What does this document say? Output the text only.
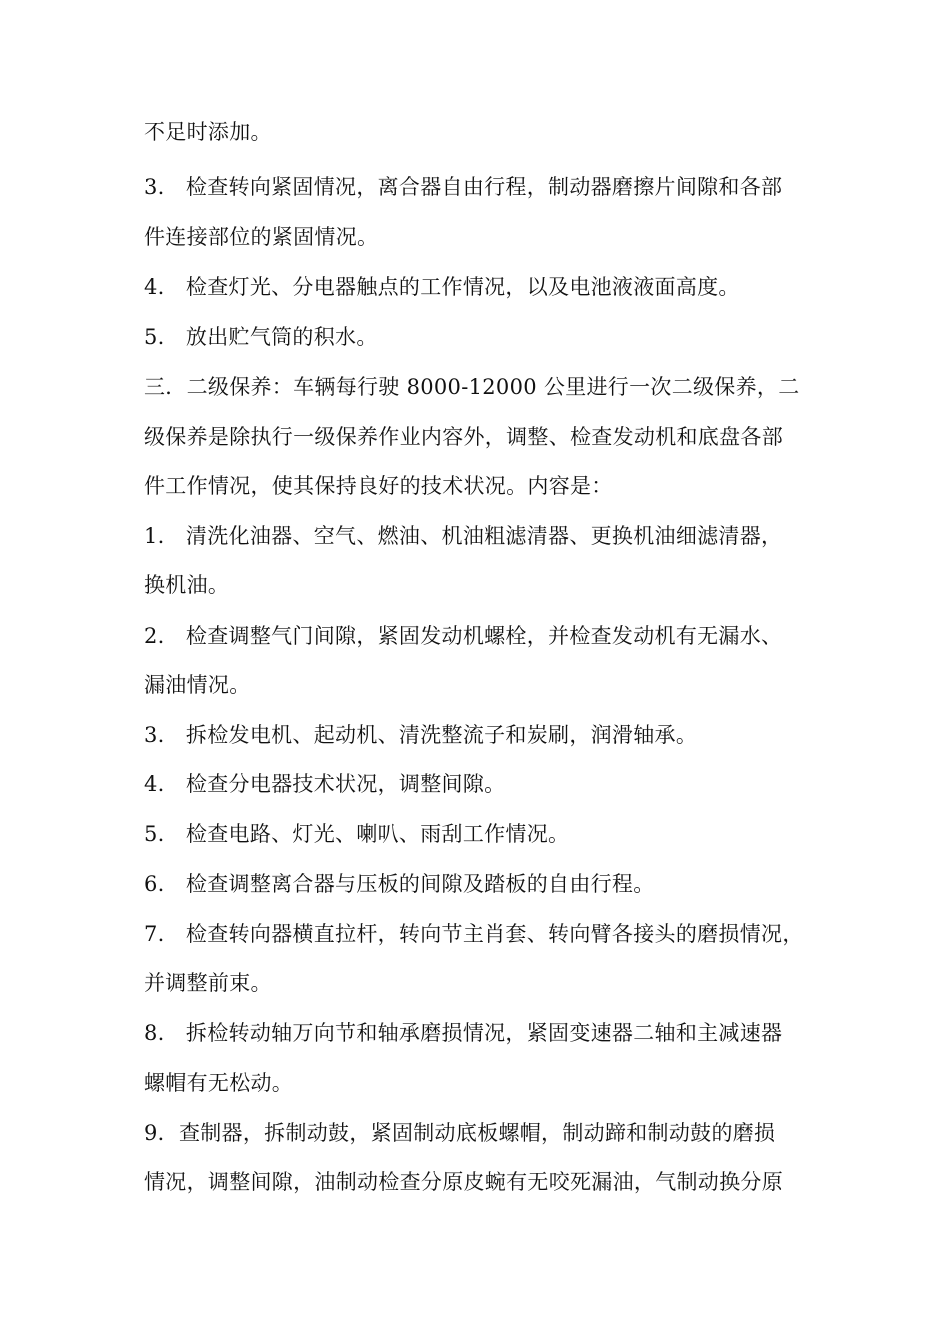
不足时添加。
3.　检查转向紧固情况，离合器自由行程，制动器磨擦片间隙和各部
件连接部位的紧固情况。
4.　检查灯光、分电器触点的工作情况，以及电池液液面高度。
5.　放出贮气筒的积水。
三．二级保养：车辆每行驶 8000-12000 公里进行一次二级保养，二
级保养是除执行一级保养作业内容外，调整、检查发动机和底盘各部
件工作情况，使其保持良好的技术状况。内容是：
1.　清洗化油器、空气、燃油、机油粗滤清器、更换机油细滤清器，
换机油。
2.　检查调整气门间隙，紧固发动机螺栓，并检查发动机有无漏水、
漏油情况。
3.　拆检发电机、起动机、清洗整流子和炭刷，润滑轴承。
4.　检查分电器技术状况，调整间隙。
5.　检查电路、灯光、喇叭、雨刮工作情况。
6.　检查调整离合器与压板的间隙及踏板的自由行程。
7.　检查转向器横直拉杆，转向节主肖套、转向臂各接头的磨损情况，
并调整前束。
8.　拆检转动轴万向节和轴承磨损情况，紧固变速器二轴和主减速器
螺帽有无松动。
9．查制器，拆制动鼓，紧固制动底板螺帽，制动蹄和制动鼓的磨损
情况，调整间隙，油制动检查分原皮蜿有无咬死漏油，气制动换分原
